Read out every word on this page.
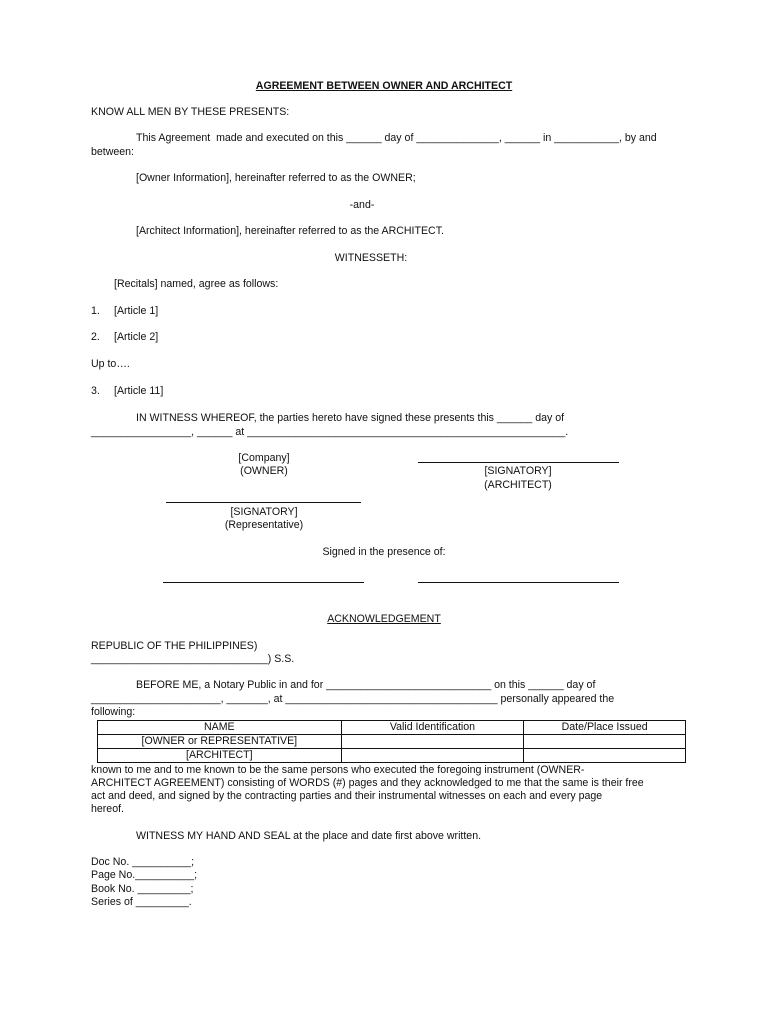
AGREEMENT BETWEEN OWNER AND ARCHITECT
KNOW ALL MEN BY THESE PRESENTS:
This Agreement  made and executed on this ______ day of ______________, ______ in ___________, by and
between:
[Owner Information], hereinafter referred to as the OWNER;
-and-
[Architect Information], hereinafter referred to as the ARCHITECT.
WITNESSETH:
[Recitals] named, agree as follows:
1. [Article 1]
2. [Article 2]
Up to….
3. [Article 11]
IN WITNESS WHEREOF, the parties hereto have signed these presents this ______ day of
_________________, ______ at ______________________________________________________.
[Company]
(OWNER)	[SIGNATORY]
(ARCHITECT)
[SIGNATORY]
(Representative)
Signed in the presence of:
ACKNOWLEDGEMENT
REPUBLIC OF THE PHILIPPINES)
______________________________) S.S.
BEFORE ME, a Notary Public in and for ____________________________ on this ______ day of
______________________, _______, at ____________________________________ personally appeared the
following:
NAME	Valid Identification	Date/Place Issued
[OWNER or REPRESENTATIVE]		
[ARCHITECT]		
known to me and to me known to be the same persons who executed the foregoing instrument (OWNER-
ARCHITECT AGREEMENT) consisting of WORDS (#) pages and they acknowledged to me that the same is their free
act and deed, and signed by the contracting parties and their instrumental witnesses on each and every page
hereof.
WITNESS MY HAND AND SEAL at the place and date first above written.
Doc No. __________;
Page No.__________;
Book No. _________;
Series of _________.
